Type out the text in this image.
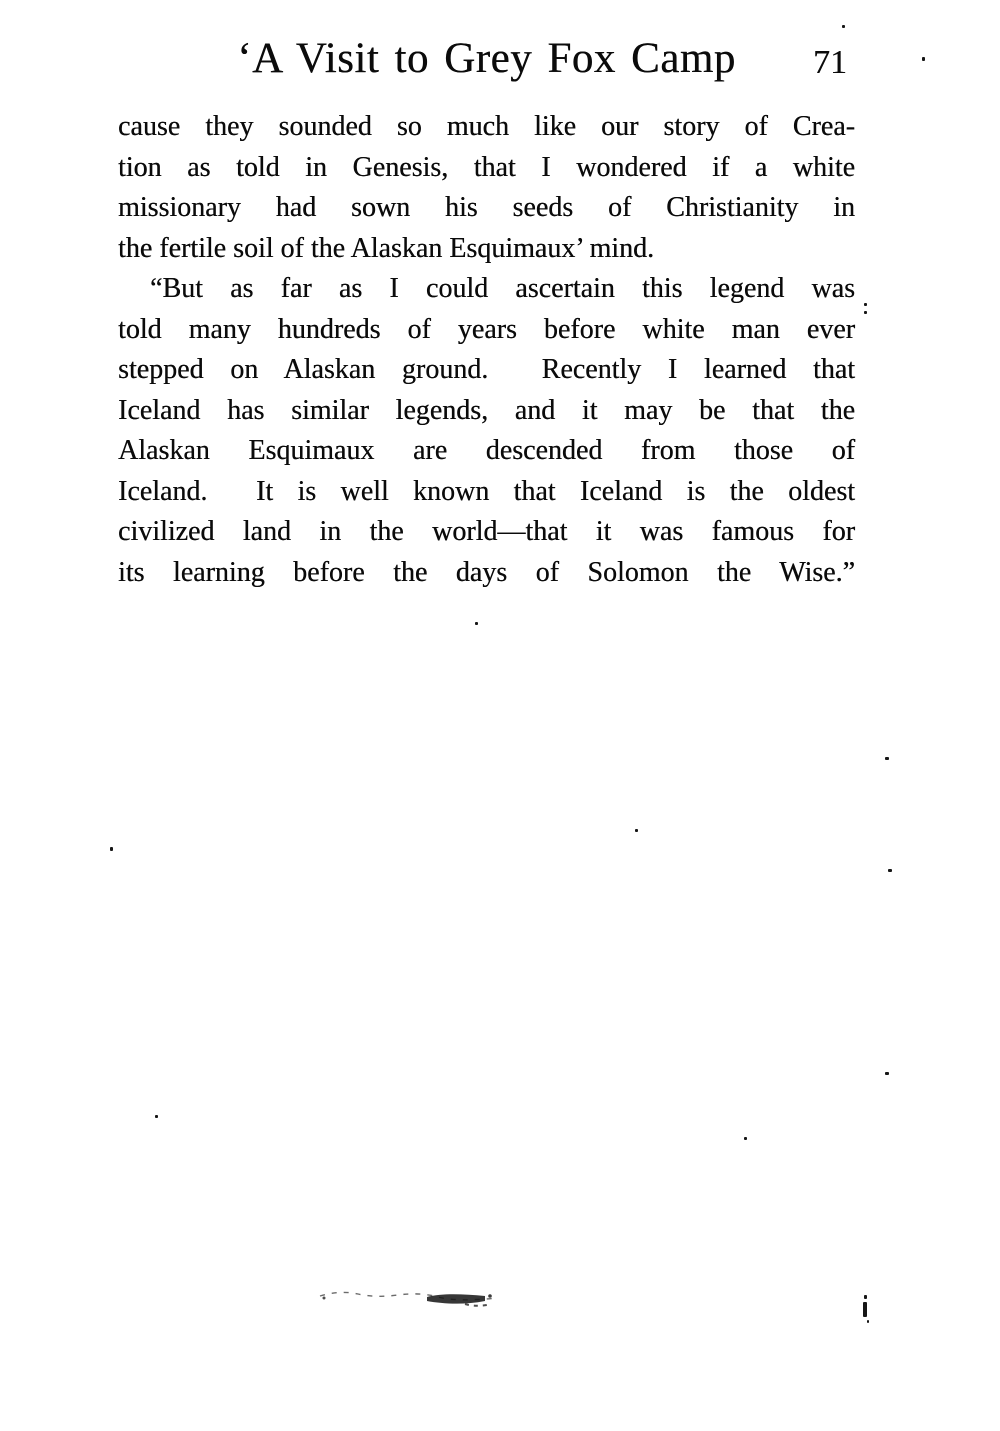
‘A Visit to Grey Fox Camp	71

cause they sounded so much like our story of Crea-
tion as told in Genesis, that I wondered if a white
missionary had sown his seeds of Christianity in
the fertile soil of the Alaskan Esquimaux’ mind.

“But as far as I could ascertain this legend was
told many hundreds of years before white man ever
stepped on Alaskan ground.  Recently I learned that
Iceland has similar legends, and it may be that the
Alaskan Esquimaux are descended from those of
Iceland.  It is well known that Iceland is the oldest
civilized land in the world—that it was famous for
its learning before the days of Solomon the Wise.”
